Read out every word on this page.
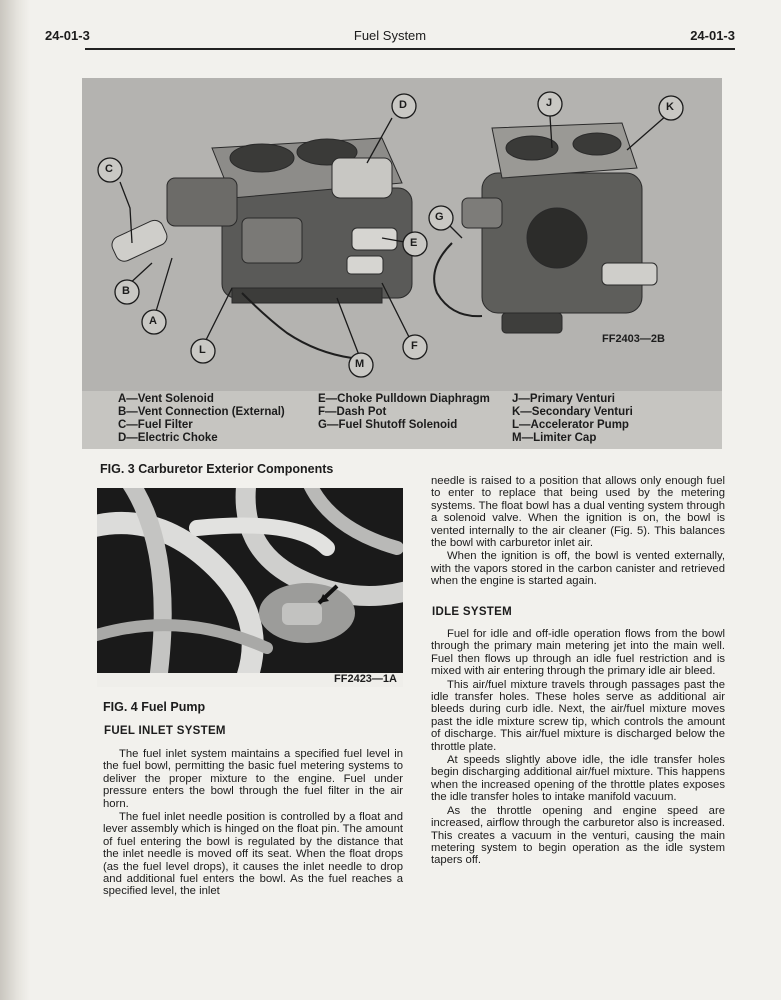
24-01-3	Fuel System	24-01-3
FF2403—2B
C
B
A
D
E
F
G
J	K
L
M
A—Vent Solenoid
B—Vent Connection (External)
C—Fuel Filter
D—Electric Choke
E—Choke Pulldown Diaphragm
F—Dash Pot
G—Fuel Shutoff Solenoid
J—Primary Venturi
K—Secondary Venturi
L—Accelerator Pump
M—Limiter Cap
FIG. 3 Carburetor Exterior Components
FF2423—1A
FIG. 4 Fuel Pump
FUEL INLET SYSTEM

The fuel inlet system maintains a specified fuel level in the fuel bowl, permitting the basic fuel metering systems to deliver the proper mixture to the engine. Fuel under pressure enters the bowl through the fuel filter in the air horn.

The fuel inlet needle position is controlled by a float and lever assembly which is hinged on the float pin. The amount of fuel entering the bowl is regulated by the distance that the inlet needle is moved off its seat. When the float drops (as the fuel level drops), it causes the inlet needle to drop and additional fuel enters the bowl. As the fuel reaches a specified level, the inlet

needle is raised to a position that allows only enough fuel to enter to replace that being used by the metering systems. The float bowl has a dual venting system through a solenoid valve. When the ignition is on, the bowl is vented internally to the air cleaner (Fig. 5). This balances the bowl with carburetor inlet air.

When the ignition is off, the bowl is vented externally, with the vapors stored in the carbon canister and retrieved when the engine is started again.

IDLE SYSTEM

Fuel for idle and off-idle operation flows from the bowl through the primary main metering jet into the main well. Fuel then flows up through an idle fuel restriction and is mixed with air entering through the primary idle air bleed.

This air/fuel mixture travels through passages past the idle transfer holes. These holes serve as additional air bleeds during curb idle. Next, the air/fuel mixture moves past the idle mixture screw tip, which controls the amount of discharge. This air/fuel mixture is discharged below the throttle plate.

At speeds slightly above idle, the idle transfer holes begin discharging additional air/fuel mixture. This happens when the increased opening of the throttle plates exposes the idle transfer holes to intake manifold vacuum.

As the throttle opening and engine speed are increased, airflow through the carburetor also is increased. This creates a vacuum in the venturi, causing the main metering system to begin operation as the idle system tapers off.
